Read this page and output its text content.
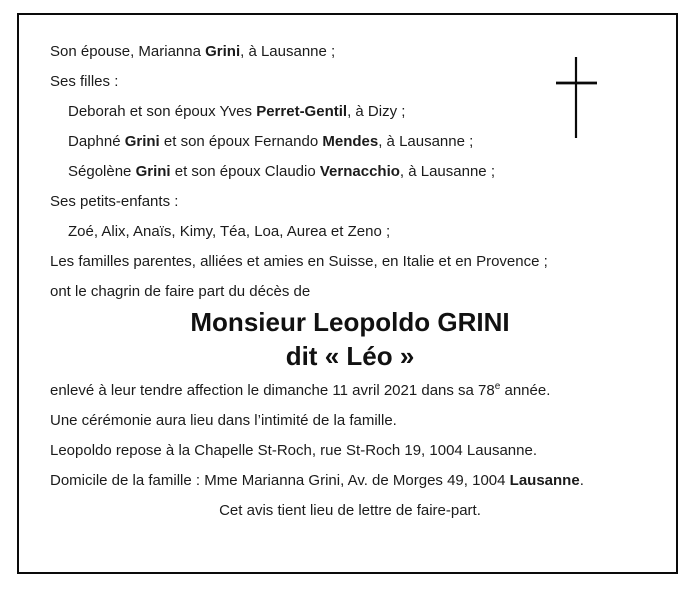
Son épouse, Marianna Grini, à Lausanne ;

Ses filles :

Deborah et son époux Yves Perret-Gentil, à Dizy ;

Daphné Grini et son époux Fernando Mendes, à Lausanne ;

Ségolène Grini et son époux Claudio Vernacchio, à Lausanne ;

Ses petits-enfants :

Zoé, Alix, Anaïs, Kimy, Téa, Loa, Aurea et Zeno ;

Les familles parentes, alliées et amies en Suisse, en Italie et en Provence ;

ont le chagrin de faire part du décès de

Monsieur Leopoldo GRINI

dit « Léo »

enlevé à leur tendre affection le dimanche 11 avril 2021 dans sa 78e année.

Une cérémonie aura lieu dans l’intimité de la famille.

Leopoldo repose à la Chapelle St-Roch, rue St-Roch 19, 1004 Lausanne.

Domicile de la famille : Mme Marianna Grini, Av. de Morges 49, 1004 Lausanne.

Cet avis tient lieu de lettre de faire-part.
